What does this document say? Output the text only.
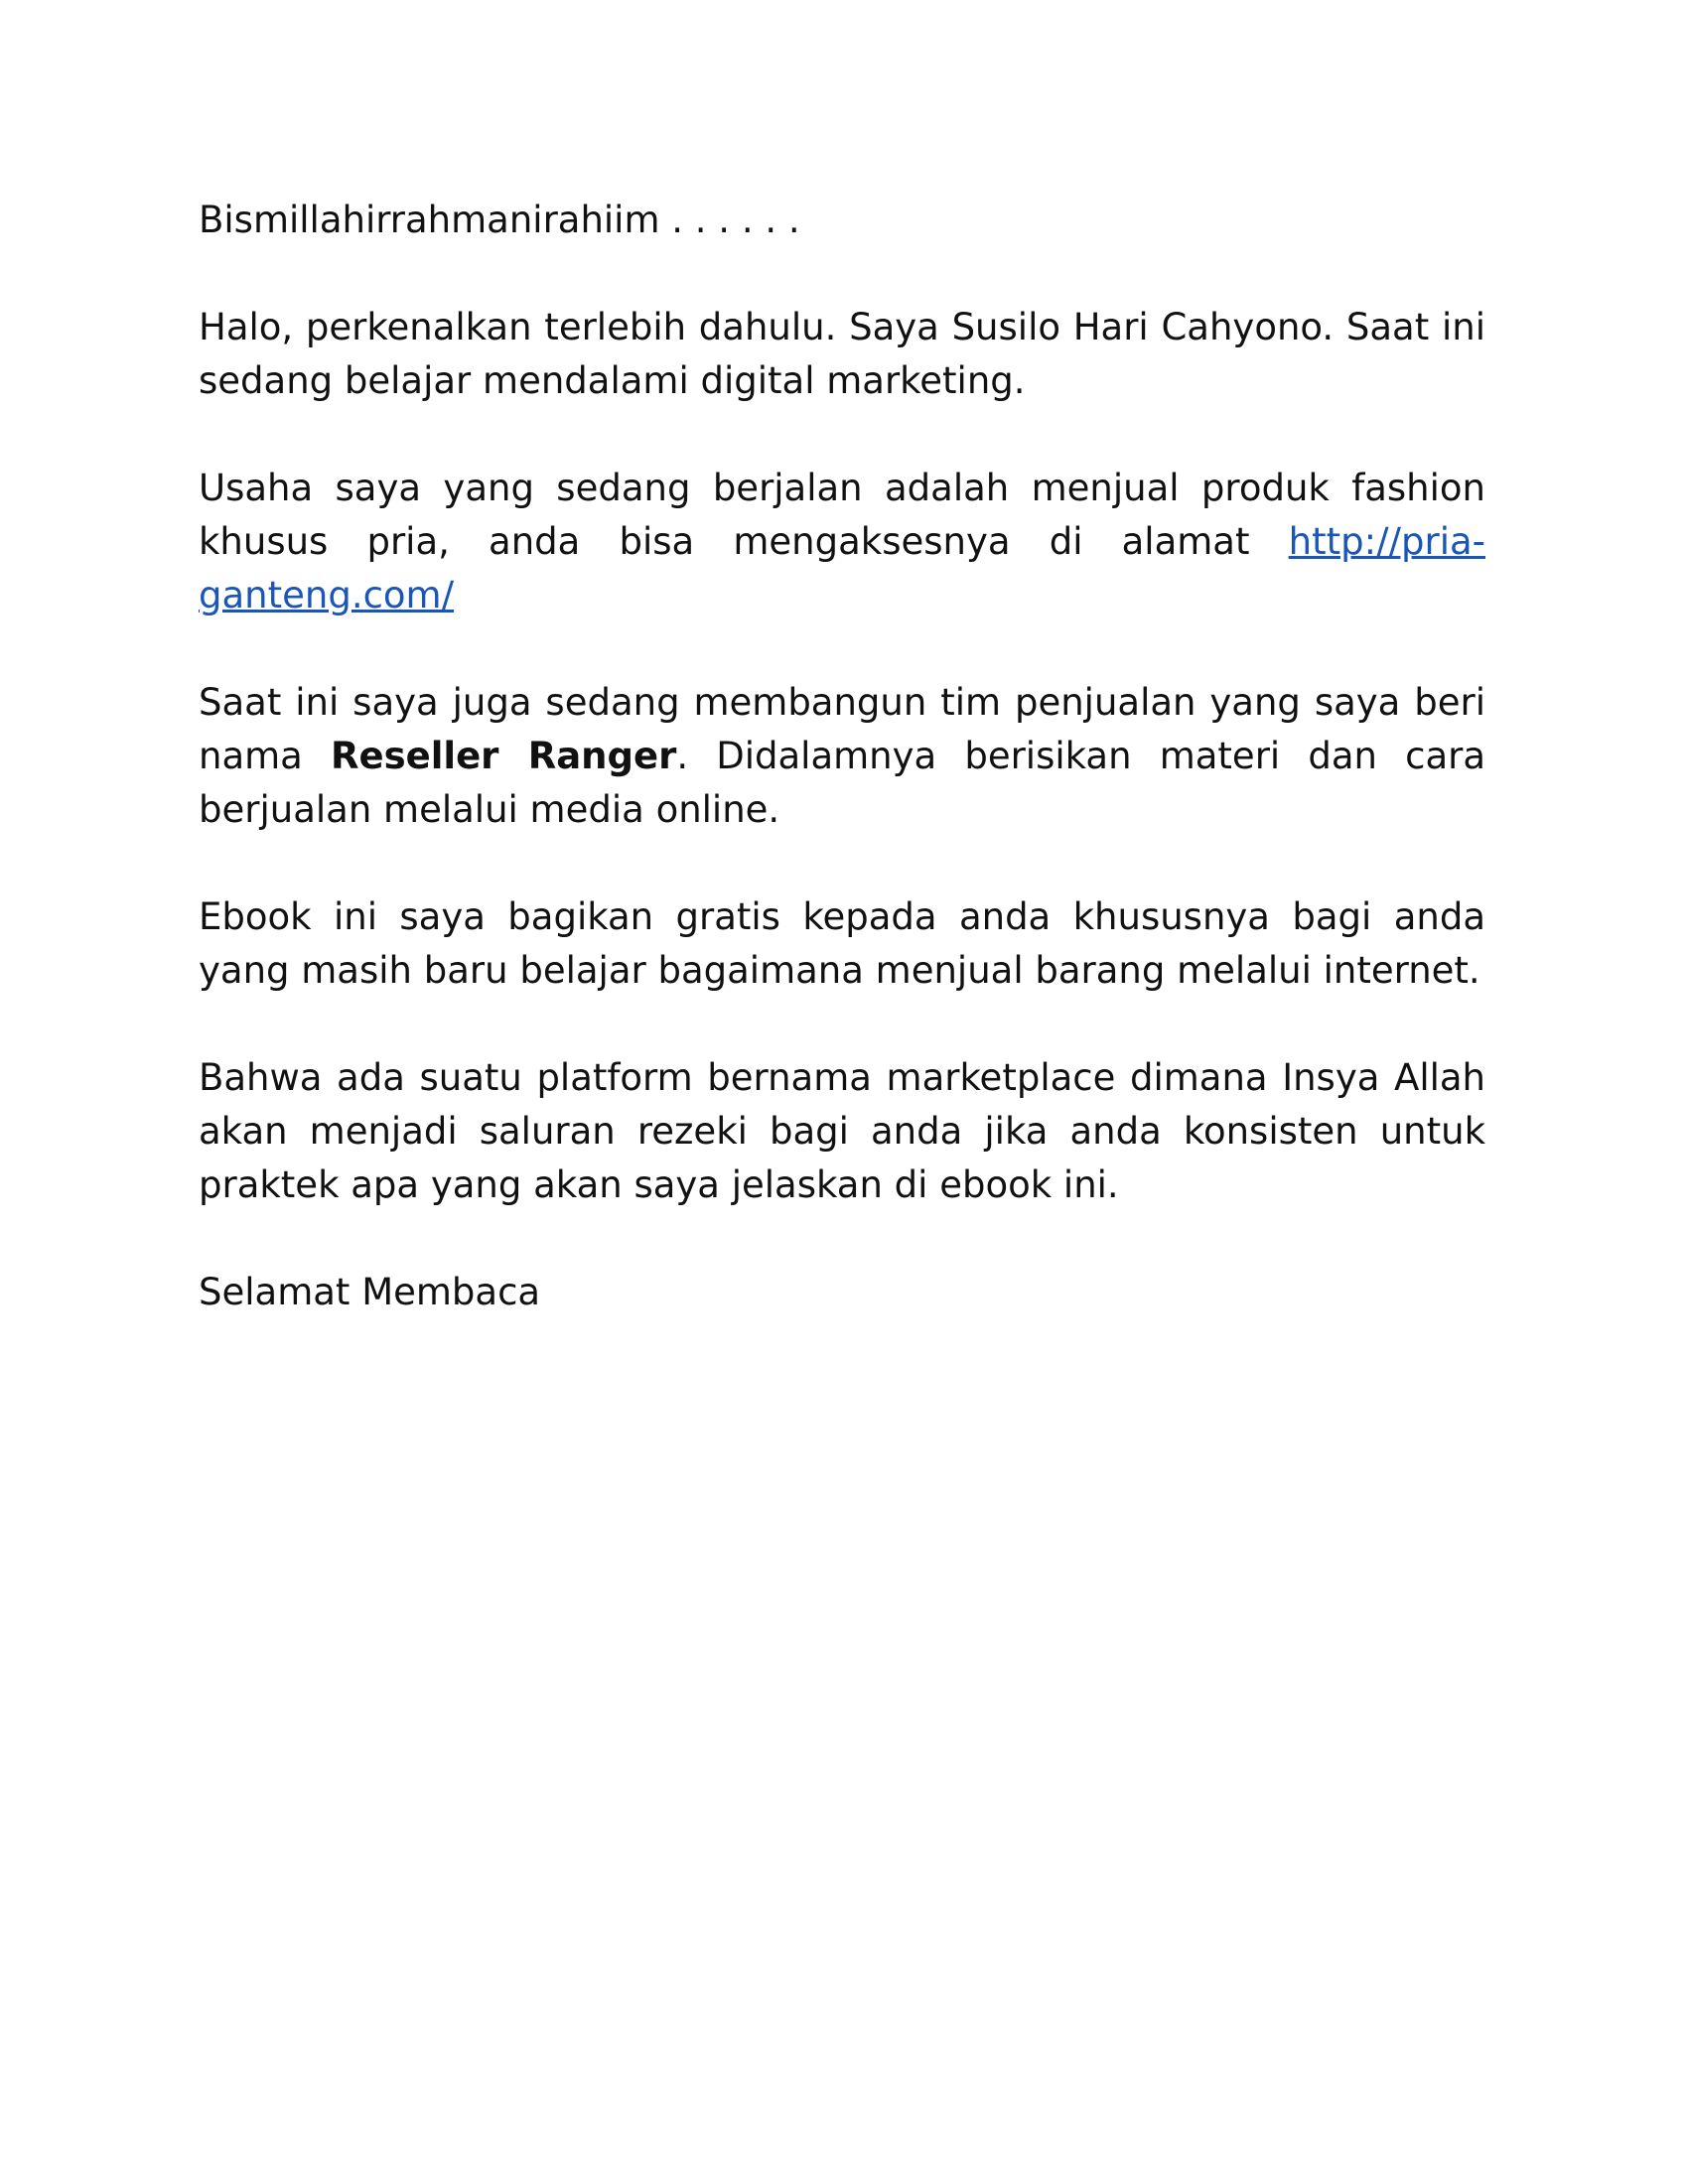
Bismillahirrahmanirahiim . . . . . .

Halo, perkenalkan terlebih dahulu. Saya Susilo Hari Cahyono. Saat ini sedang belajar mendalami digital marketing.

Usaha saya yang sedang berjalan adalah menjual produk fashion khusus pria, anda bisa mengaksesnya di alamat http://pria-ganteng.com/

Saat ini saya juga sedang membangun tim penjualan yang saya beri nama Reseller Ranger. Didalamnya berisikan materi dan cara berjualan melalui media online.

Ebook ini saya bagikan gratis kepada anda khususnya bagi anda yang masih baru belajar bagaimana menjual barang melalui internet.

Bahwa ada suatu platform bernama marketplace dimana Insya Allah akan menjadi saluran rezeki bagi anda jika anda konsisten untuk praktek apa yang akan saya jelaskan di ebook ini.

Selamat Membaca
